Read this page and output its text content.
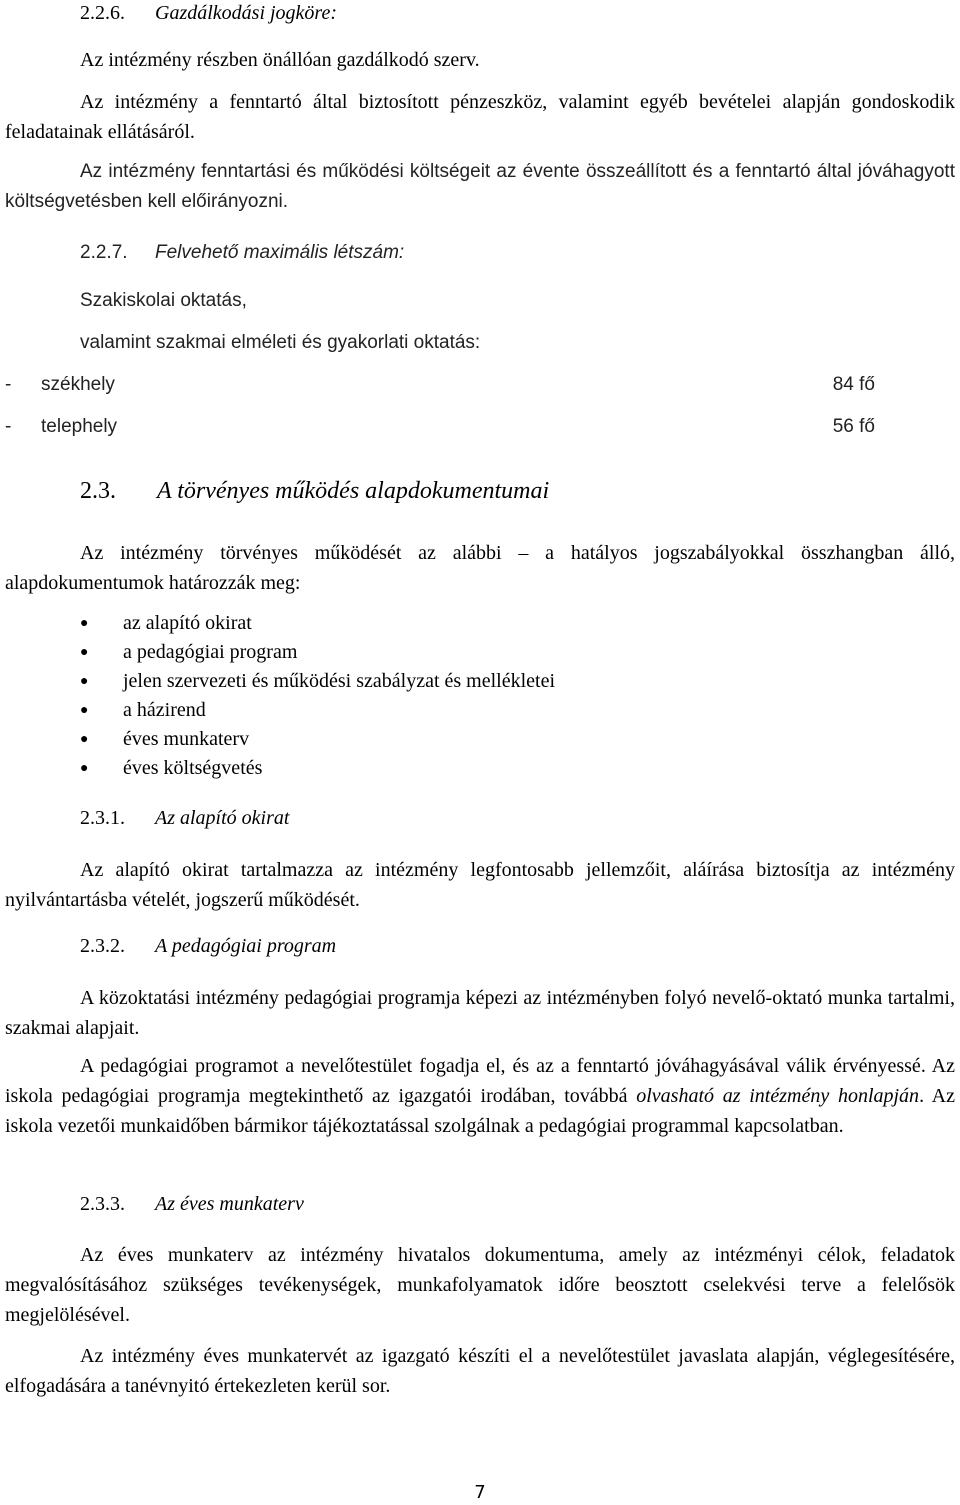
2.2.6. Gazdálkodási jogköre:
Az intézmény részben önállóan gazdálkodó szerv.
Az intézmény a fenntartó által biztosított pénzeszköz, valamint egyéb bevételei alapján gondoskodik feladatainak ellátásáról.
Az intézmény fenntartási és működési költségeit az évente összeállított és a fenntartó által jóváhagyott költségvetésben kell előirányozni.
2.2.7. Felvehető maximális létszám:
Szakiskolai oktatás,
valamint szakmai elméleti és gyakorlati oktatás:
- székhely	84 fő
- telephely	56 fő
2.3. A törvényes működés alapdokumentumai
Az intézmény törvényes működését az alábbi – a hatályos jogszabályokkal összhangban álló, alapdokumentumok határozzák meg:
● az alapító okirat
● a pedagógiai program
● jelen szervezeti és működési szabályzat és mellékletei
● a házirend
● éves munkaterv
● éves költségvetés
2.3.1. Az alapító okirat
Az alapító okirat tartalmazza az intézmény legfontosabb jellemzőit, aláírása biztosítja az intézmény nyilvántartásba vételét, jogszerű működését.
2.3.2. A pedagógiai program
A közoktatási intézmény pedagógiai programja képezi az intézményben folyó nevelő-oktató munka tartalmi, szakmai alapjait.
A pedagógiai programot a nevelőtestület fogadja el, és az a fenntartó jóváhagyásával válik érvényessé. Az iskola pedagógiai programja megtekinthető az igazgatói irodában, továbbá olvasható az intézmény honlapján. Az iskola vezetői munkaidőben bármikor tájékoztatással szolgálnak a pedagógiai programmal kapcsolatban.
2.3.3. Az éves munkaterv
Az éves munkaterv az intézmény hivatalos dokumentuma, amely az intézményi célok, feladatok megvalósításához szükséges tevékenységek, munkafolyamatok időre beosztott cselekvési terve a felelősök megjelölésével.
Az intézmény éves munkatervét az igazgató készíti el a nevelőtestület javaslata alapján, véglegesítésére, elfogadására a tanévnyitó értekezleten kerül sor.
7
